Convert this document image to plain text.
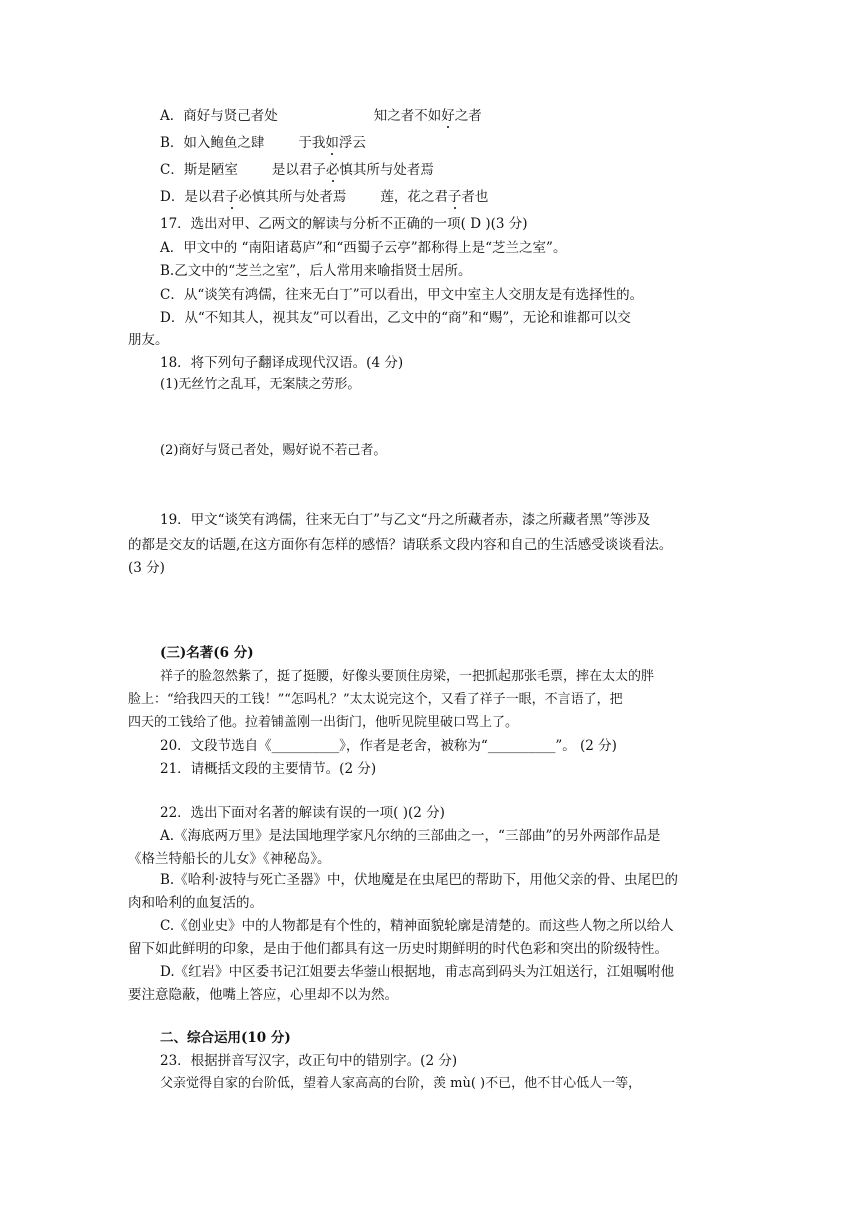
A．商好与贤己者处	知之者不如好之者
B．如入鲍鱼之肆	于我如浮云
C．斯是陋室	是以君子必慎其所与处者焉
D．是以君子必慎其所与处者焉	莲，花之君子者也
17．选出对甲、乙两文的解读与分析不正确的一项( D )(3 分)
A．甲文中的 “南阳诸葛庐”和“西蜀子云亭”都称得上是“芝兰之室”。
B.乙文中的“芝兰之室”，后人常用来喻指贤士居所。
C．从“谈笑有鸿儒，往来无白丁”可以看出，甲文中室主人交朋友是有选择性的。
D．从“不知其人，视其友”可以看出，乙文中的“商”和“赐”，无论和谁都可以交
朋友。
18．将下列句子翻译成现代汉语。(4 分)
(1)无丝竹之乱耳，无案牍之劳形。
(2)商好与贤己者处，赐好说不若己者。
19．甲文“谈笑有鸿儒，往来无白丁”与乙文“丹之所藏者赤，漆之所藏者黑”等涉及
的都是交友的话题,在这方面你有怎样的感悟？请联系文段内容和自己的生活感受谈谈看法。
(3 分)
(三)名著(6 分)
祥子的脸忽然紫了，挺了挺腰，好像头要顶住房梁，一把抓起那张毛票，摔在太太的胖
脸上：“给我四天的工钱！”“怎吗札？”太太说完这个，又看了祥子一眼，不言语了，把
四天的工钱给了他。拉着铺盖刚一出街门，他听见院里破口骂上了。
20．文段节选自《__________》，作者是老舍，被称为“__________”。 (2 分)
21．请概括文段的主要情节。(2 分)
22．选出下面对名著的解读有误的一项( )(2 分)
A.《海底两万里》是法国地理学家凡尔纳的三部曲之一，“三部曲”的另外两部作品是
《格兰特船长的儿女》《神秘岛》。
B.《哈利·波特与死亡圣器》中，伏地魔是在虫尾巴的帮助下，用他父亲的骨、虫尾巴的
肉和哈利的血复活的。
C.《创业史》中的人物都是有个性的，精神面貌轮廓是清楚的。而这些人物之所以给人
留下如此鲜明的印象，是由于他们都具有这一历史时期鲜明的时代色彩和突出的阶级特性。
D.《红岩》中区委书记江姐要去华蓥山根据地，甫志高到码头为江姐送行，江姐嘱咐他
要注意隐蔽，他嘴上答应，心里却不以为然。
二、综合运用(10 分)
23．根据拼音写汉字，改正句中的错别字。(2 分)
父亲觉得自家的台阶低，望着人家高高的台阶，羡 mù( )不已，他不甘心低人一等，
